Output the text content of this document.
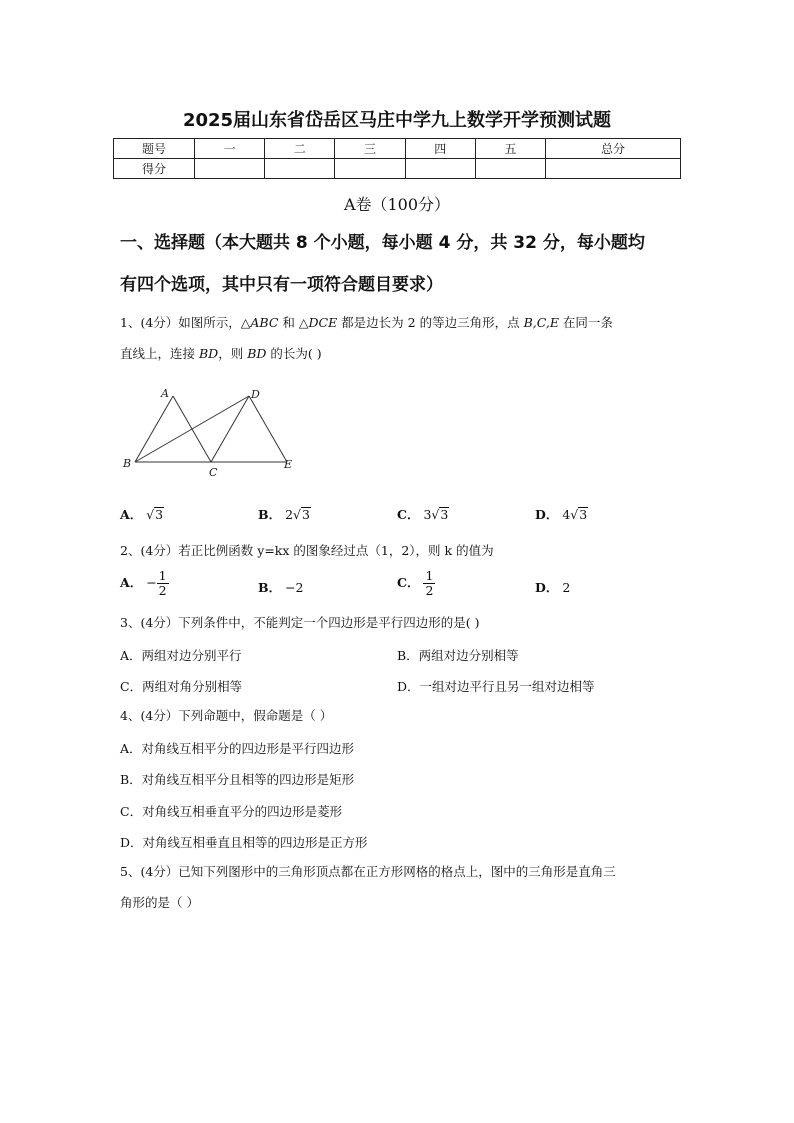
2025届山东省岱岳区马庄中学九上数学开学预测试题
题号	一	二	三	四	五	总分
得分						
A卷（100分）
一、选择题（本大题共 8 个小题，每小题 4 分，共 32 分，每小题均
有四个选项，其中只有一项符合题目要求）
1、(4分）如图所示，△ABC 和 △DCE 都是边长为 2 的等边三角形，点 B,C,E 在同一条
直线上，连接 BD，则 BD 的长为( )
A
B
C
D
E
A． √3	B． 2√3	C． 3√3	D． 4√3
2、(4分）若正比例函数 y=kx 的图象经过点（1，2），则 k 的值为
A． − $\frac{1}{2}$	B． −2	C． $\frac{1}{2}$	D． 2
3、(4分）下列条件中，不能判定一个四边形是平行四边形的是( )
A．两组对边分别平行	B．两组对边分别相等
C．两组对角分别相等	D．一组对边平行且另一组对边相等
4、(4分）下列命题中，假命题是（ ）
A．对角线互相平分的四边形是平行四边形
B．对角线互相平分且相等的四边形是矩形
C．对角线互相垂直平分的四边形是菱形
D．对角线互相垂直且相等的四边形是正方形
5、(4分）已知下列图形中的三角形顶点都在正方形网格的格点上，图中的三角形是直角三
角形的是（ ）
